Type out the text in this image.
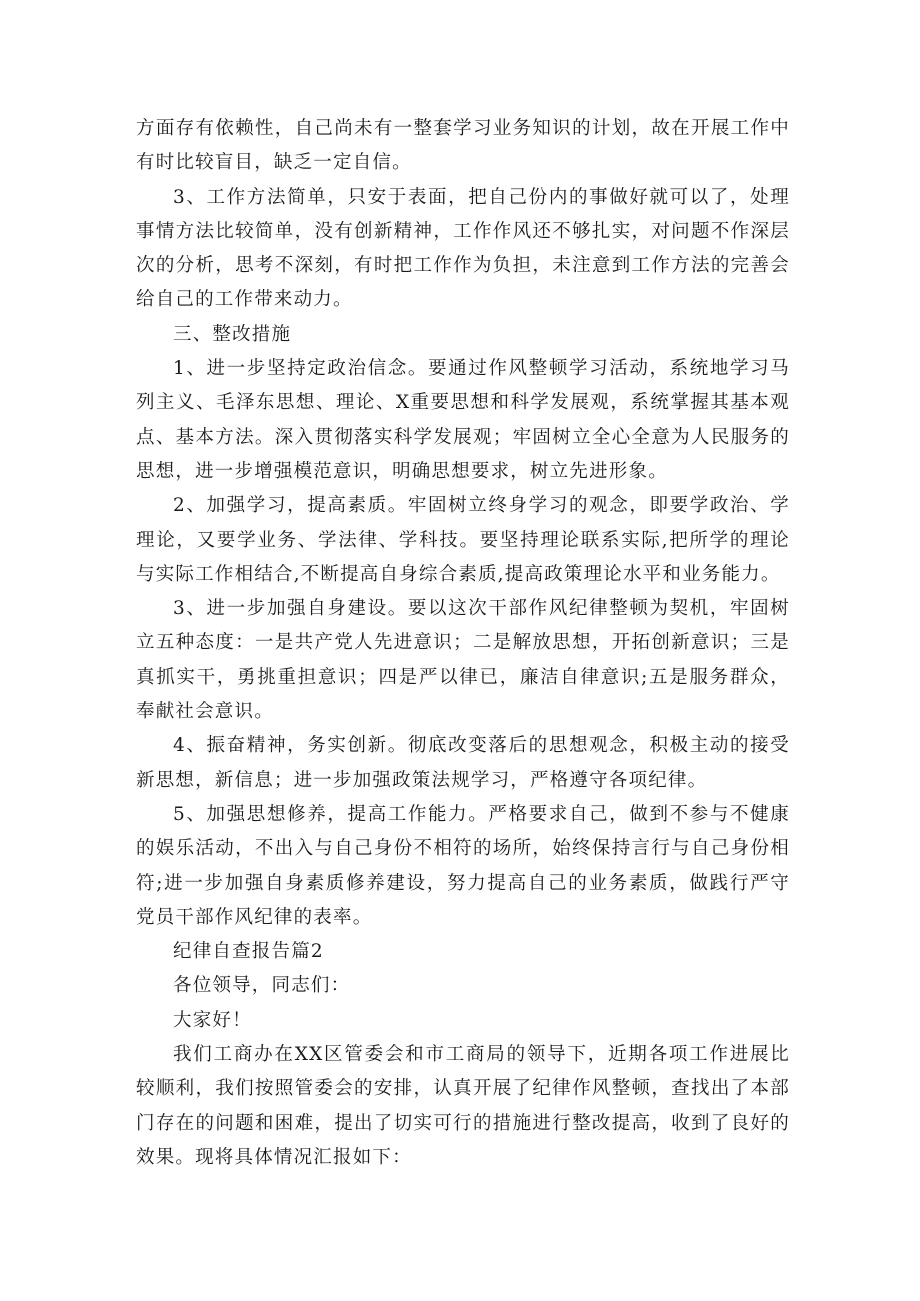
方面存有依赖性，自己尚未有一整套学习业务知识的计划，故在开展工作中有时比较盲目，缺乏一定自信。

3、工作方法简单，只安于表面，把自己份内的事做好就可以了，处理事情方法比较简单，没有创新精神，工作作风还不够扎实，对问题不作深层次的分析，思考不深刻，有时把工作作为负担，未注意到工作方法的完善会给自己的工作带来动力。

三、整改措施

1、进一步坚持定政治信念。要通过作风整顿学习活动，系统地学习马列主义、毛泽东思想、理论、X重要思想和科学发展观，系统掌握其基本观点、基本方法。深入贯彻落实科学发展观；牢固树立全心全意为人民服务的思想，进一步增强模范意识，明确思想要求，树立先进形象。

2、加强学习，提高素质。牢固树立终身学习的观念，即要学政治、学理论，又要学业务、学法律、学科技。要坚持理论联系实际,把所学的理论与实际工作相结合,不断提高自身综合素质,提高政策理论水平和业务能力。

3、进一步加强自身建设。要以这次干部作风纪律整顿为契机，牢固树立五种态度：一是共产党人先进意识；二是解放思想，开拓创新意识；三是真抓实干，勇挑重担意识；四是严以律已，廉洁自律意识;五是服务群众，奉献社会意识。

4、振奋精神，务实创新。彻底改变落后的思想观念，积极主动的接受新思想，新信息；进一步加强政策法规学习，严格遵守各项纪律。

5、加强思想修养，提高工作能力。严格要求自己，做到不参与不健康的娱乐活动，不出入与自己身份不相符的场所，始终保持言行与自己身份相符;进一步加强自身素质修养建设，努力提高自己的业务素质，做践行严守党员干部作风纪律的表率。

纪律自查报告篇2

各位领导，同志们：

大家好！

我们工商办在XX区管委会和市工商局的领导下，近期各项工作进展比较顺利，我们按照管委会的安排，认真开展了纪律作风整顿，查找出了本部门存在的问题和困难，提出了切实可行的措施进行整改提高，收到了良好的效果。现将具体情况汇报如下：
